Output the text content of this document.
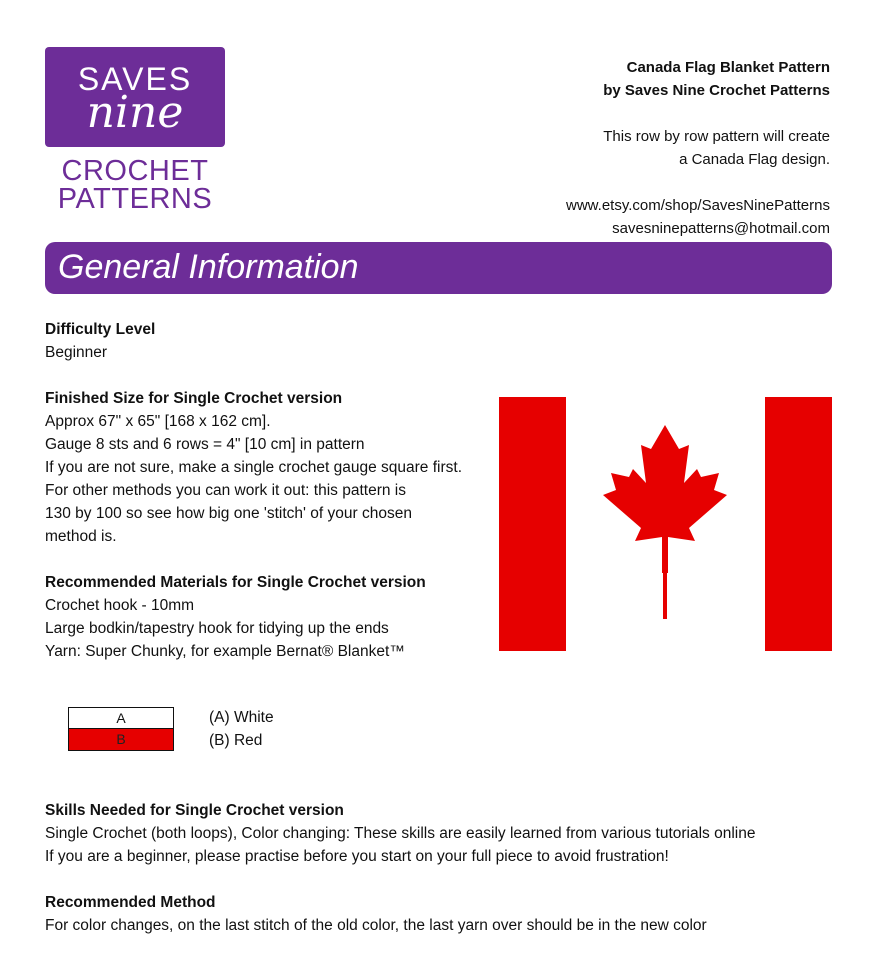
SAVES
nine
CROCHET
PATTERNS
Canada Flag Blanket Pattern
by Saves Nine Crochet Patterns
This row by row pattern will create
a Canada Flag design.
www.etsy.com/shop/SavesNinePatterns
savesninepatterns@hotmail.com
General Information
Difficulty Level
Beginner
Finished Size for Single Crochet version
Approx 67" x 65" [168 x 162 cm].
Gauge 8 sts and 6 rows = 4" [10 cm] in pattern
If you are not sure, make a single crochet gauge square first.
For other methods you can work it out: this pattern is
130 by 100 so see how big one 'stitch' of your chosen
method is.
Recommended Materials for Single Crochet version
Crochet hook - 10mm
Large bodkin/tapestry hook for tidying up the ends
Yarn: Super Chunky, for example Bernat® Blanket™
A
B
(A) White
(B) Red
Skills Needed for Single Crochet version
Single Crochet (both loops), Color changing: These skills are easily learned from various tutorials online
If you are a beginner, please practise before you start on your full piece to avoid frustration!
Recommended Method
For color changes, on the last stitch of the old color, the last yarn over should be in the new color
